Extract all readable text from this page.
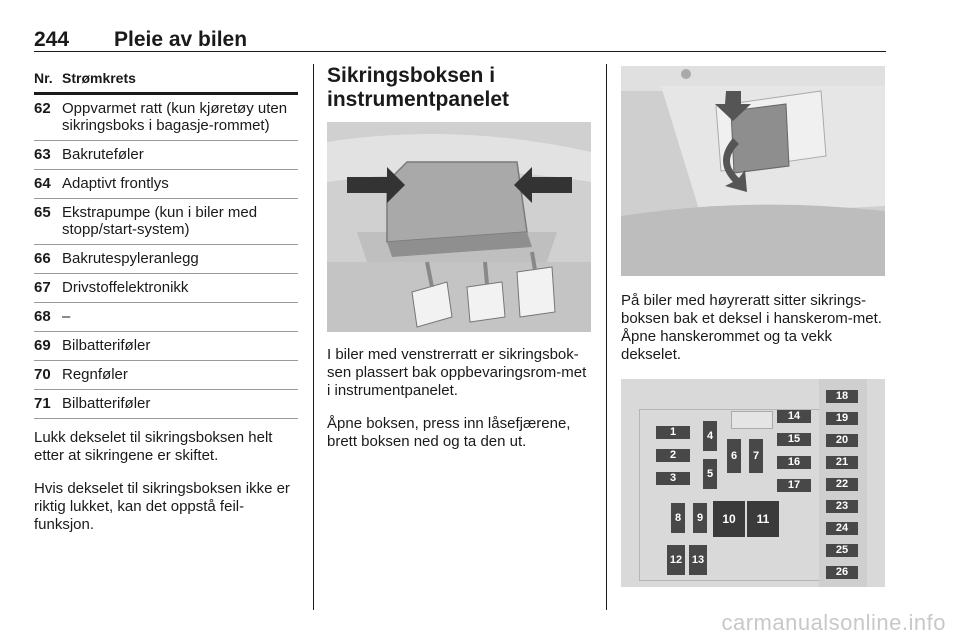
244 Pleie av bilen
Nr. Strømkrets
62 Oppvarmet ratt (kun kjøretøy uten sikringsboks i bagasje-rommet)
63 Bakruteføler
64 Adaptivt frontlys
65 Ekstrapumpe (kun i biler med stopp/start-system)
66 Bakrutespyleranlegg
67 Drivstoffelektronikk
68 –
69 Bilbatteriføler
70 Regnføler
71 Bilbatteriføler

Lukk dekselet til sikringsboksen helt etter at sikringene er skiftet.

Hvis dekselet til sikringsboksen ikke er riktig lukket, kan det oppstå feil-funksjon.

Sikringsboksen i instrumentpanelet

I biler med venstrerratt er sikringsbok-sen plassert bak oppbevaringsrom-met i instrumentpanelet.

Åpne boksen, press inn låsefjærene, brett boksen ned og ta den ut.

På biler med høyreratt sitter sikrings-boksen bak et deksel i hanskerom-met. Åpne hanskerommet og ta vekk dekselet.

1
2
3
4
5
6	7
8	9	10	11
12 13
14
15
16
17
18
19
20
21
22
23
24
25
26
carmanualsonline.info
